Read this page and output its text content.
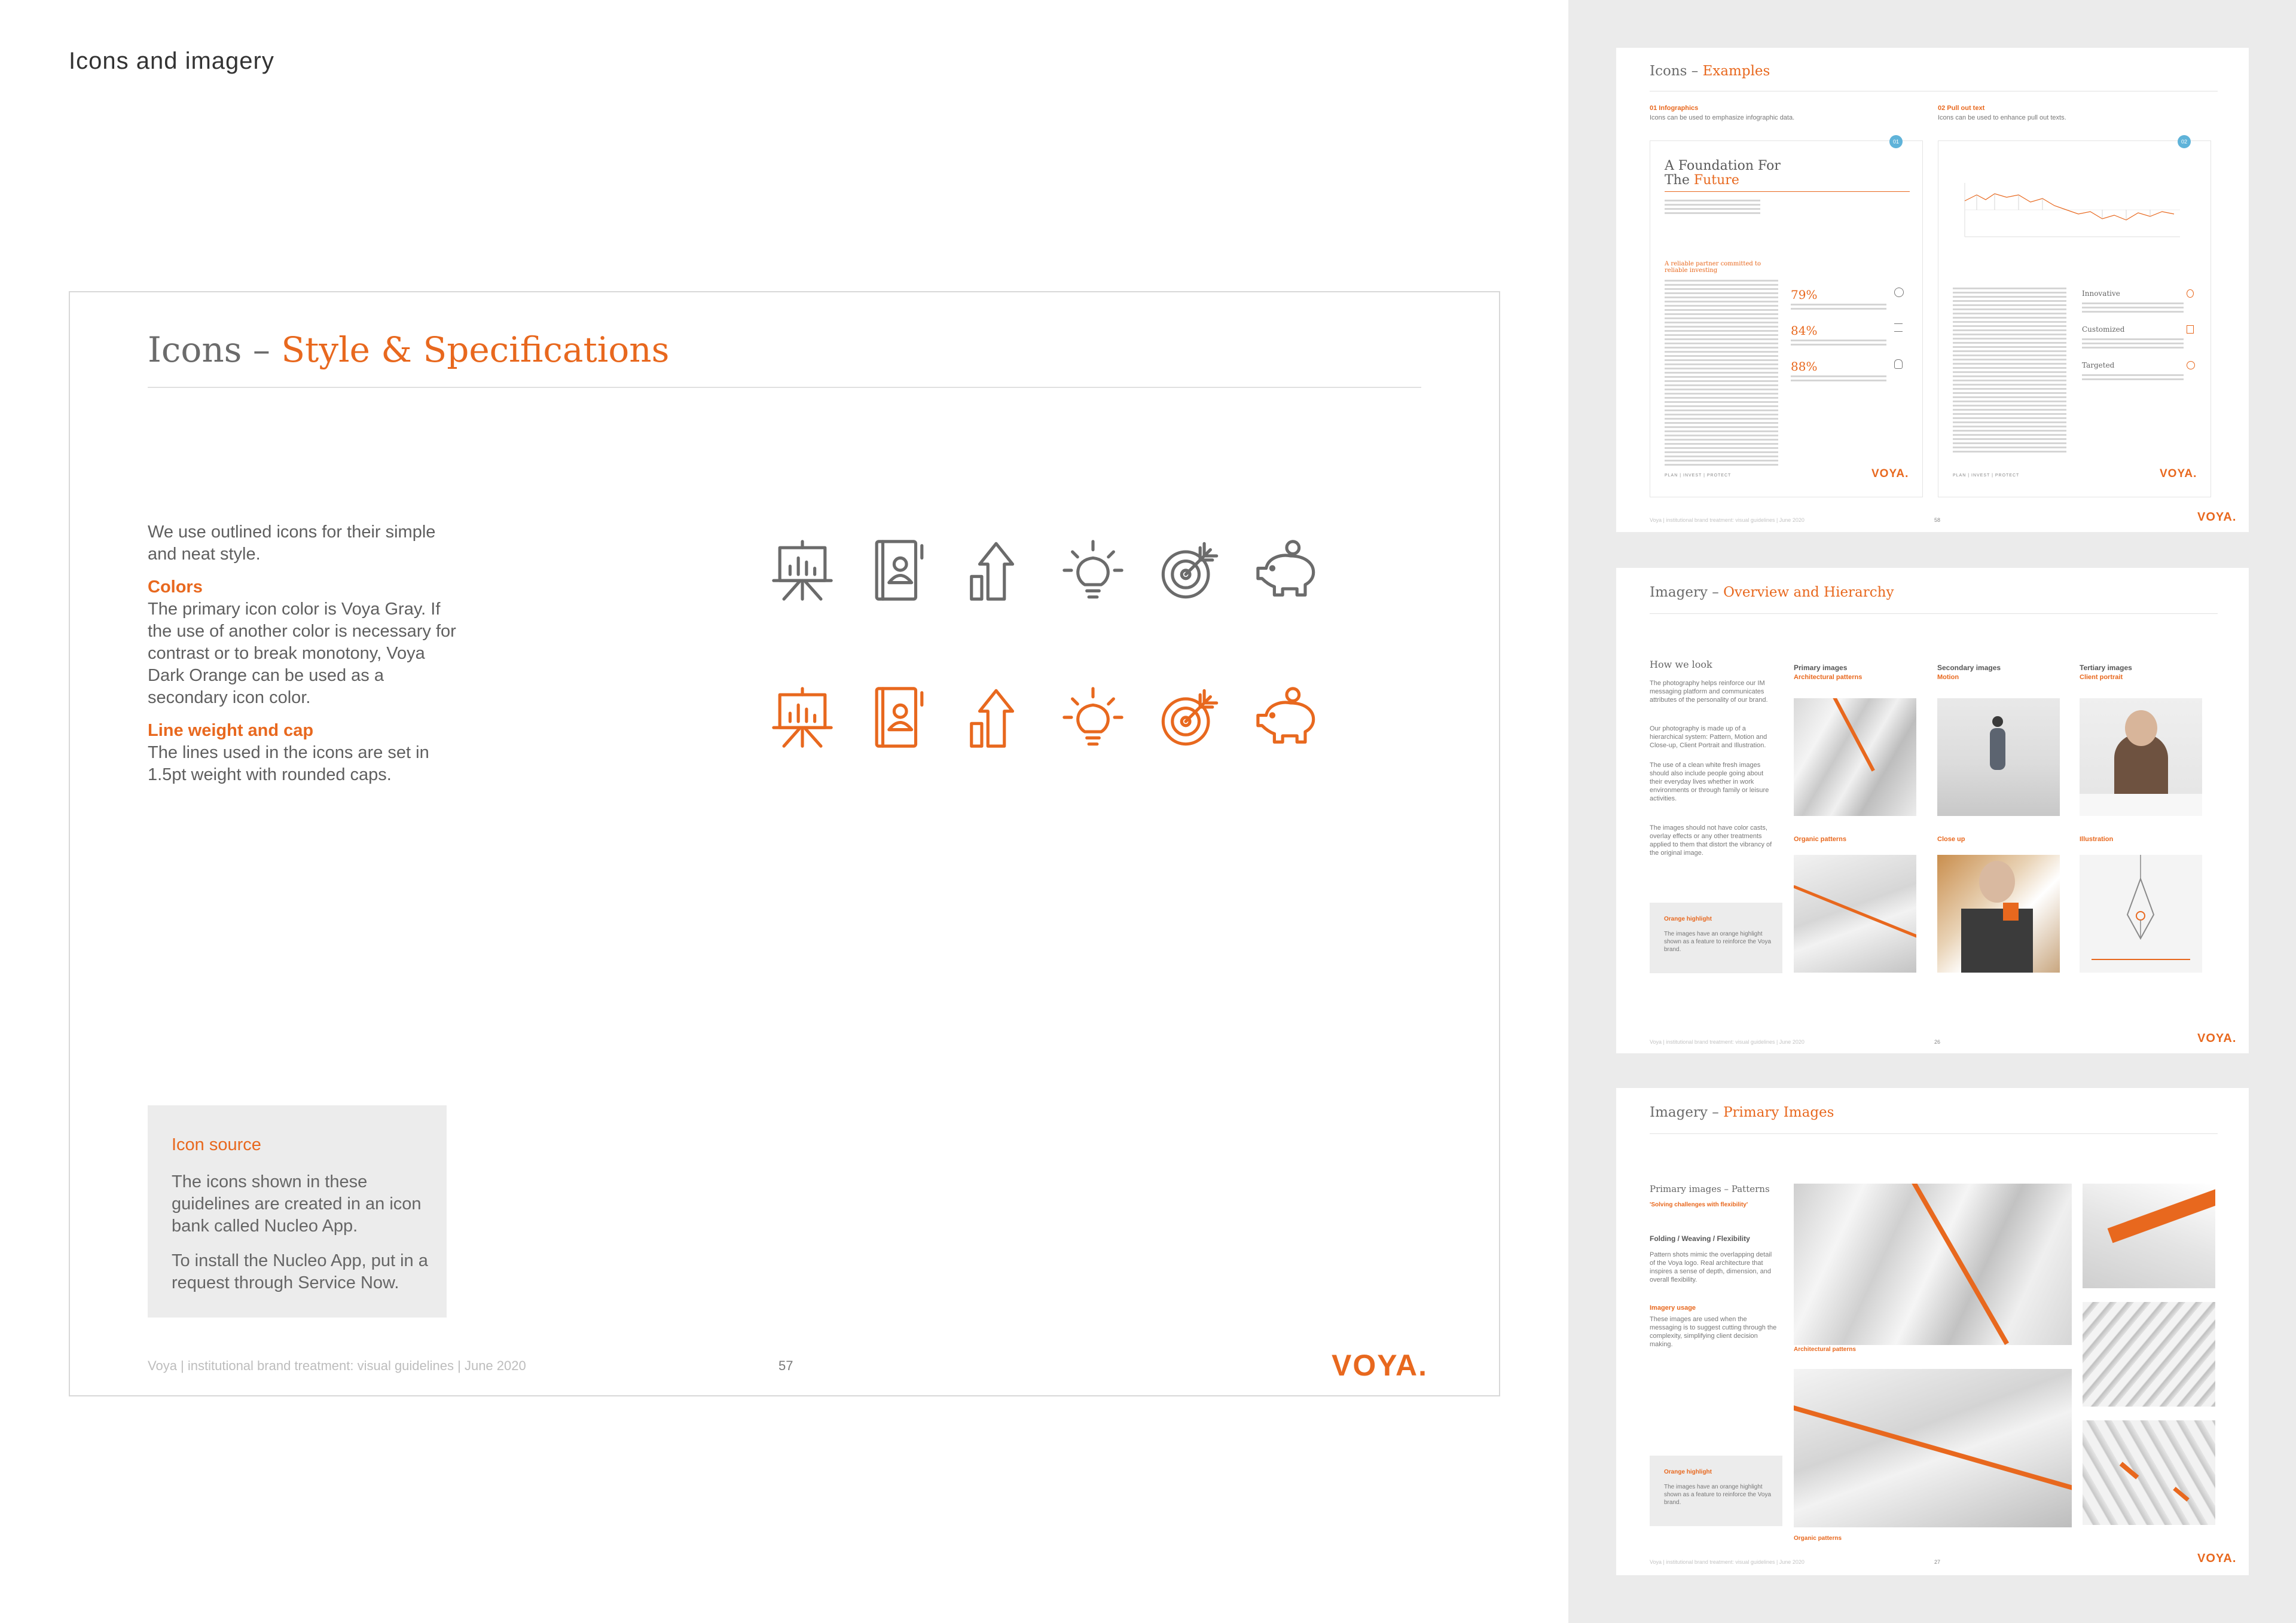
Icons and imagery
Icons – Style & Specifications

We use outlined icons for their simple and neat style.

Colors

The primary icon color is Voya Gray. If the use of another color is necessary for contrast or to break monotony, Voya Dark Orange can be used as a secondary icon color.

Line weight and cap

The lines used in the icons are set in 1.5pt weight with rounded caps.

Icon source
The icons shown in these guidelines are created in an icon bank called Nucleo App.
To install the Nucleo App, put in a request through Service Now.
Voya | institutional brand treatment: visual guidelines | June 2020	57	VOYA.
Icons – Examples
01 Infographics
Icons can be used to emphasize infographic data.
02 Pull out text
Icons can be used to enhance pull out texts.
01
A Foundation For
The Future
A reliable partner committed to reliable investing
79%
84%
88%
PLAN | INVEST | PROTECT	VOYA.
02
Innovative
Customized
Targeted
PLAN | INVEST | PROTECT	VOYA.
Voya | institutional brand treatment: visual guidelines | June 2020	58	VOYA.
Imagery – Overview and Hierarchy
How we look
The photography helps reinforce our IM messaging platform and communicates attributes of the personality of our brand.
Our photography is made up of a hierarchical system: Pattern, Motion and Close-up, Client Portrait and Illustration.
The use of a clean white fresh images should also include people going about their everyday lives whether in work environments or through family or leisure activities.
The images should not have color casts, overlay effects or any other treatments applied to them that distort the vibrancy of the original image.
Orange highlight
The images have an orange highlight shown as a feature to reinforce the Voya brand.
Primary images
Architectural patterns
Secondary images
Motion
Tertiary images
Client portrait
Organic patterns	Close up	Illustration
Voya | institutional brand treatment: visual guidelines | June 2020	26	VOYA.
Imagery – Primary Images
Primary images – Patterns
'Solving challenges with flexibility'
Folding / Weaving / Flexibility
Pattern shots mimic the overlapping detail of the Voya logo. Real architecture that inspires a sense of depth, dimension, and overall flexibility.
Imagery usage
These images are used when the messaging is to suggest cutting through the complexity, simplifying client decision making.
Orange highlight
The images have an orange highlight shown as a feature to reinforce the Voya brand.
Architectural patterns
Organic patterns
Voya | institutional brand treatment: visual guidelines | June 2020	27	VOYA.
